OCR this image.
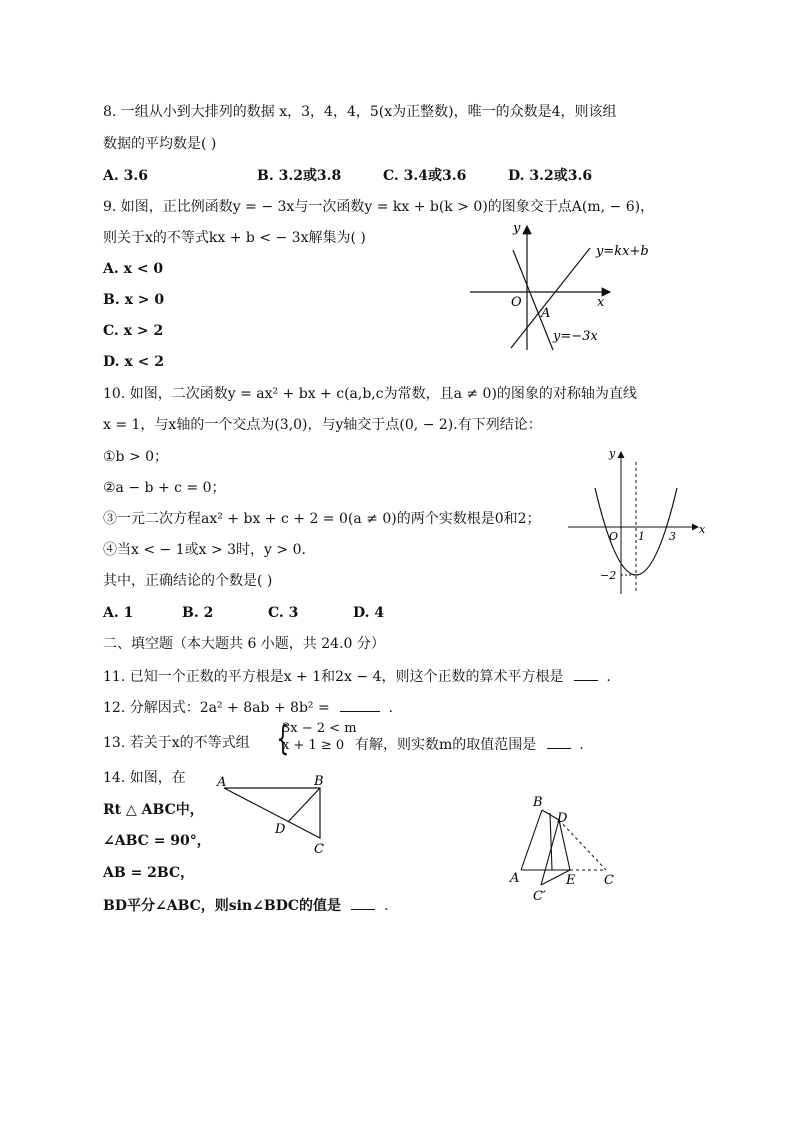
8. 一组从小到大排列的数据 x，3，4，4，5(x为正整数)，唯一的众数是4，则该组
数据的平均数是( )
A. 3.6	B. 3.2或3.8	C. 3.4或3.6	D. 3.2或3.6
9. 如图，正比例函数y = − 3x与一次函数y = kx + b(k > 0)的图象交于点A(m, − 6)，
则关于x的不等式kx + b < − 3x解集为( )
A. x < 0
B. x > 0
C. x > 2
D. x < 2
y
x
O
A
y=kx+b
y=−3x
10. 如图，二次函数y = ax² + bx + c(a,b,c为常数，且a ≠ 0)的图象的对称轴为直线
x = 1，与x轴的一个交点为(3,0)，与y轴交于点(0, − 2).有下列结论：
①b > 0；
②a − b + c = 0；
③一元二次方程ax² + bx + c + 2 = 0(a ≠ 0)的两个实数根是0和2；
④当x < − 1或x > 3时，y > 0.
其中，正确结论的个数是( )
A. 1	B. 2	C. 3	D. 4
y
x
O 1 3
−2
二、填空题（本大题共 6 小题，共 24.0 分）
11. 已知一个正数的平方根是x + 1和2x − 4，则这个正数的算术平方根是	.
12. 分解因式：2a² + 8ab + 8b² =	.
13. 若关于x的不等式组 {
3x − 2 < m
x + 1 ≥ 0 有解，则实数m的取值范围是	.
14. 如图，在
Rt △ ABC中，
∠ABC = 90°，
AB = 2BC，
BD平分∠ABC，则sin∠BDC的值是	.
A	B
C
D
B
D
A	E C
C′
